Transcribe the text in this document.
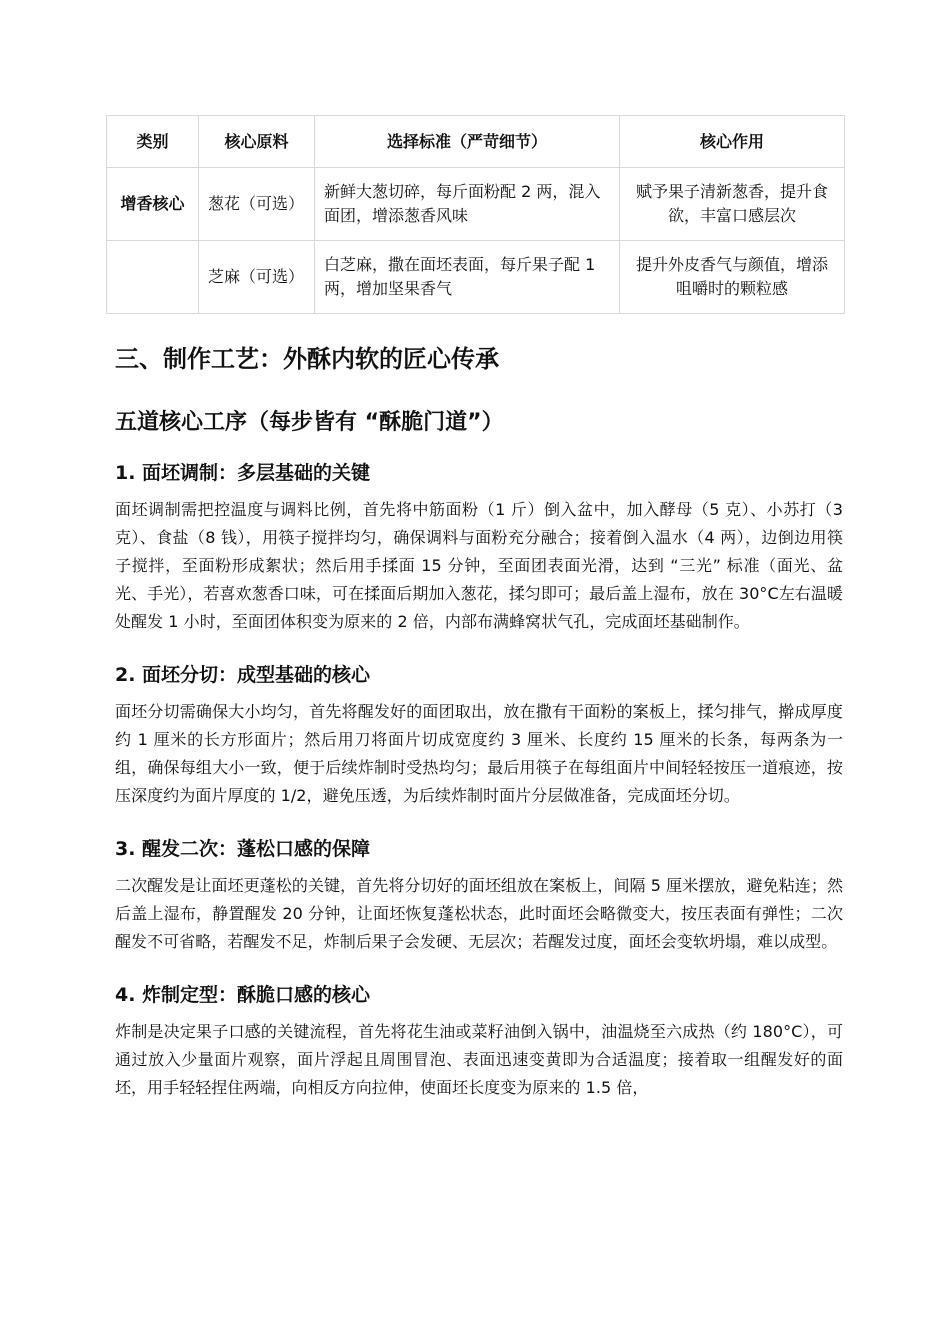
类别	核心原料	选择标准（严苛细节）	核心作用
增香核心	葱花（可选）	新鲜大葱切碎，每斤面粉配 2 两，混入面团，增添葱香风味	赋予果子清新葱香，提升食欲，丰富口感层次
	芝麻（可选）	白芝麻，撒在面坯表面，每斤果子配 1 两，增加坚果香气	提升外皮香气与颜值，增添咀嚼时的颗粒感
三、制作工艺：外酥内软的匠心传承
五道核心工序（每步皆有 “酥脆门道”）
1. 面坯调制：多层基础的关键

面坯调制需把控温度与调料比例，首先将中筋面粉（1 斤）倒入盆中，加入酵母（5 克）、小苏打（3 克）、食盐（8 钱），用筷子搅拌均匀，确保调料与面粉充分融合；接着倒入温水（4 两），边倒边用筷子搅拌，至面粉形成絮状；然后用手揉面 15 分钟，至面团表面光滑，达到 “三光” 标准（面光、盆光、手光），若喜欢葱香口味，可在揉面后期加入葱花，揉匀即可；最后盖上湿布，放在 30°C左右温暖处醒发 1 小时，至面团体积变为原来的 2 倍，内部布满蜂窝状气孔，完成面坯基础制作。

2. 面坯分切：成型基础的核心

面坯分切需确保大小均匀，首先将醒发好的面团取出，放在撒有干面粉的案板上，揉匀排气，擀成厚度约 1 厘米的长方形面片；然后用刀将面片切成宽度约 3 厘米、长度约 15 厘米的长条，每两条为一组，确保每组大小一致，便于后续炸制时受热均匀；最后用筷子在每组面片中间轻轻按压一道痕迹，按压深度约为面片厚度的 1/2，避免压透，为后续炸制时面片分层做准备，完成面坯分切。

3. 醒发二次：蓬松口感的保障

二次醒发是让面坯更蓬松的关键，首先将分切好的面坯组放在案板上，间隔 5 厘米摆放，避免粘连；然后盖上湿布，静置醒发 20 分钟，让面坯恢复蓬松状态，此时面坯会略微变大，按压表面有弹性；二次醒发不可省略，若醒发不足，炸制后果子会发硬、无层次；若醒发过度，面坯会变软坍塌，难以成型。

4. 炸制定型：酥脆口感的核心

炸制是决定果子口感的关键流程，首先将花生油或菜籽油倒入锅中，油温烧至六成热（约 180°C），可通过放入少量面片观察，面片浮起且周围冒泡、表面迅速变黄即为合适温度；接着取一组醒发好的面坯，用手轻轻捏住两端，向相反方向拉伸，使面坯长度变为原来的 1.5 倍，
